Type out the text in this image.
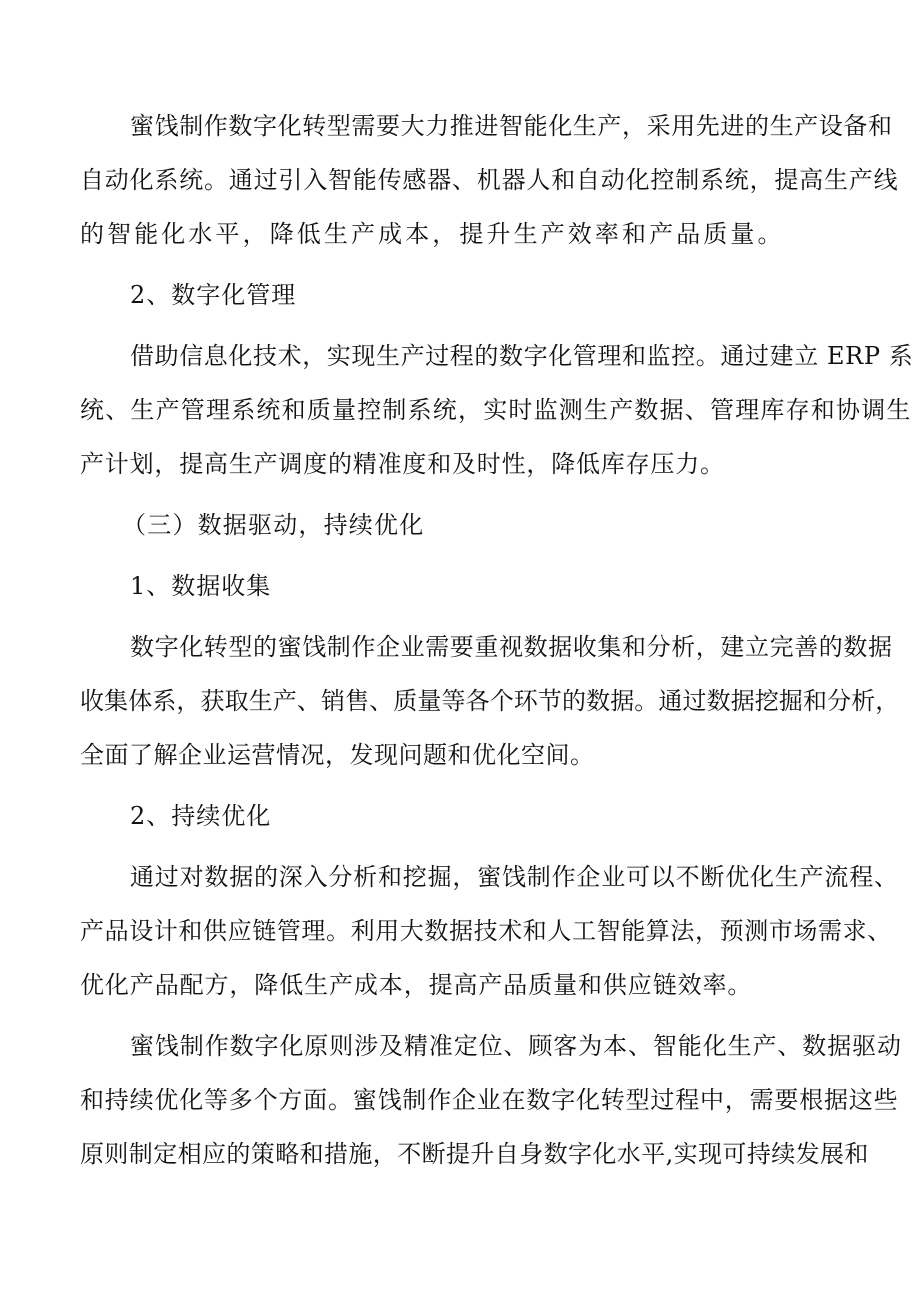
蜜饯制作数字化转型需要大力推进智能化生产，采用先进的生产设备和
自动化系统。通过引入智能传感器、机器人和自动化控制系统，提高生产线
的智能化水平，降低生产成本，提升生产效率和产品质量。
2、数字化管理
借助信息化技术，实现生产过程的数字化管理和监控。通过建立 ERP 系
统、生产管理系统和质量控制系统，实时监测生产数据、管理库存和协调生
产计划，提高生产调度的精准度和及时性，降低库存压力。
（三）数据驱动，持续优化
1、数据收集
数字化转型的蜜饯制作企业需要重视数据收集和分析，建立完善的数据
收集体系，获取生产、销售、质量等各个环节的数据。通过数据挖掘和分析，
全面了解企业运营情况，发现问题和优化空间。
2、持续优化
通过对数据的深入分析和挖掘，蜜饯制作企业可以不断优化生产流程、
产品设计和供应链管理。利用大数据技术和人工智能算法，预测市场需求、
优化产品配方，降低生产成本，提高产品质量和供应链效率。
蜜饯制作数字化原则涉及精准定位、顾客为本、智能化生产、数据驱动
和持续优化等多个方面。蜜饯制作企业在数字化转型过程中，需要根据这些
原则制定相应的策略和措施，不断提升自身数字化水平,实现可持续发展和
